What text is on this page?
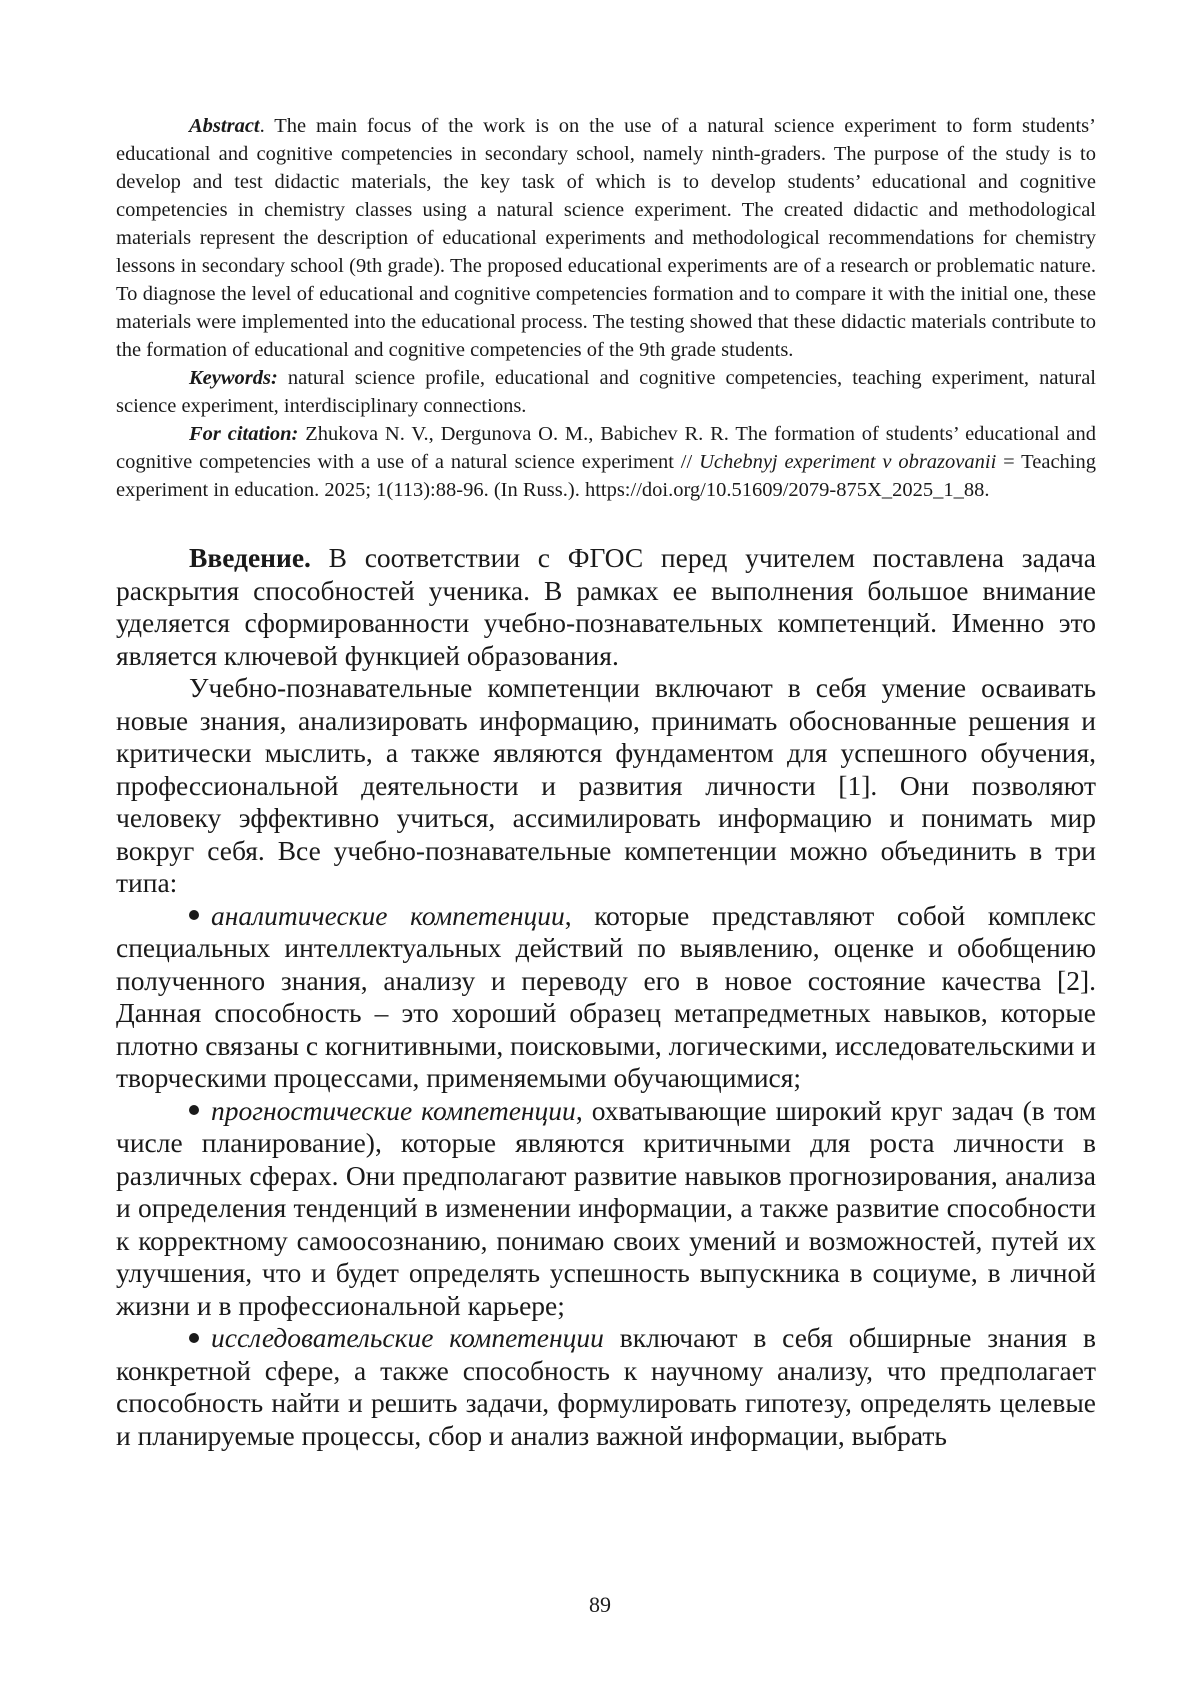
Abstract. The main focus of the work is on the use of a natural science experiment to form students’ educational and cognitive competencies in secondary school, namely ninth-graders. The purpose of the study is to develop and test didactic materials, the key task of which is to develop students’ educational and cognitive competencies in chemistry classes using a natural science experiment. The created didactic and methodological materials represent the description of educational experiments and methodological recommendations for chemistry lessons in secondary school (9th grade). The proposed educational experiments are of a research or problematic nature. To diagnose the level of educational and cognitive competencies formation and to compare it with the initial one, these materials were implemented into the educational process. The testing showed that these didactic materials contribute to the formation of educational and cognitive competencies of the 9th grade students.

Keywords: natural science profile, educational and cognitive competencies, teaching experiment, natural science experiment, interdisciplinary connections.

For citation: Zhukova N. V., Dergunova O. M., Babichev R. R. The formation of students’ educational and cognitive competencies with a use of a natural science experiment // Uchebnyj experiment v obrazovanii = Teaching experiment in education. 2025; 1(113):88-96. (In Russ.). https://doi.org/10.51609/2079-875X_2025_1_88.

Введение. В соответствии с ФГОС перед учителем поставлена задача раскрытия способностей ученика. В рамках ее выполнения большое внимание уделяется сформированности учебно-познавательных компетенций. Именно это является ключевой функцией образования.

Учебно-познавательные компетенции включают в себя умение осваивать новые знания, анализировать информацию, принимать обоснованные решения и критически мыслить, а также являются фундаментом для успешного обучения, профессиональной деятельности и развития личности [1]. Они позволяют человеку эффективно учиться, ассимилировать информацию и понимать мир вокруг себя. Все учебно-познавательные компетенции можно объединить в три типа:

аналитические компетенции, которые представляют собой комплекс специальных интеллектуальных действий по выявлению, оценке и обобщению полученного знания, анализу и переводу его в новое состояние качества [2]. Данная способность – это хороший образец метапредметных навыков, которые плотно связаны с когнитивными, поисковыми, логическими, исследовательскими и творческими процессами, применяемыми обучающимися;

прогностические компетенции, охватывающие широкий круг задач (в том числе планирование), которые являются критичными для роста личности в различных сферах. Они предполагают развитие навыков прогнозирования, анализа и определения тенденций в изменении информации, а также развитие способности к корректному самоосознанию, понимаю своих умений и возможностей, путей их улучшения, что и будет определять успешность выпускника в социуме, в личной жизни и в профессиональной карьере;

исследовательские компетенции включают в себя обширные знания в конкретной сфере, а также способность к научному анализу, что предполагает способность найти и решить задачи, формулировать гипотезу, определять целевые и планируемые процессы, сбор и анализ важной информации, выбрать

89
